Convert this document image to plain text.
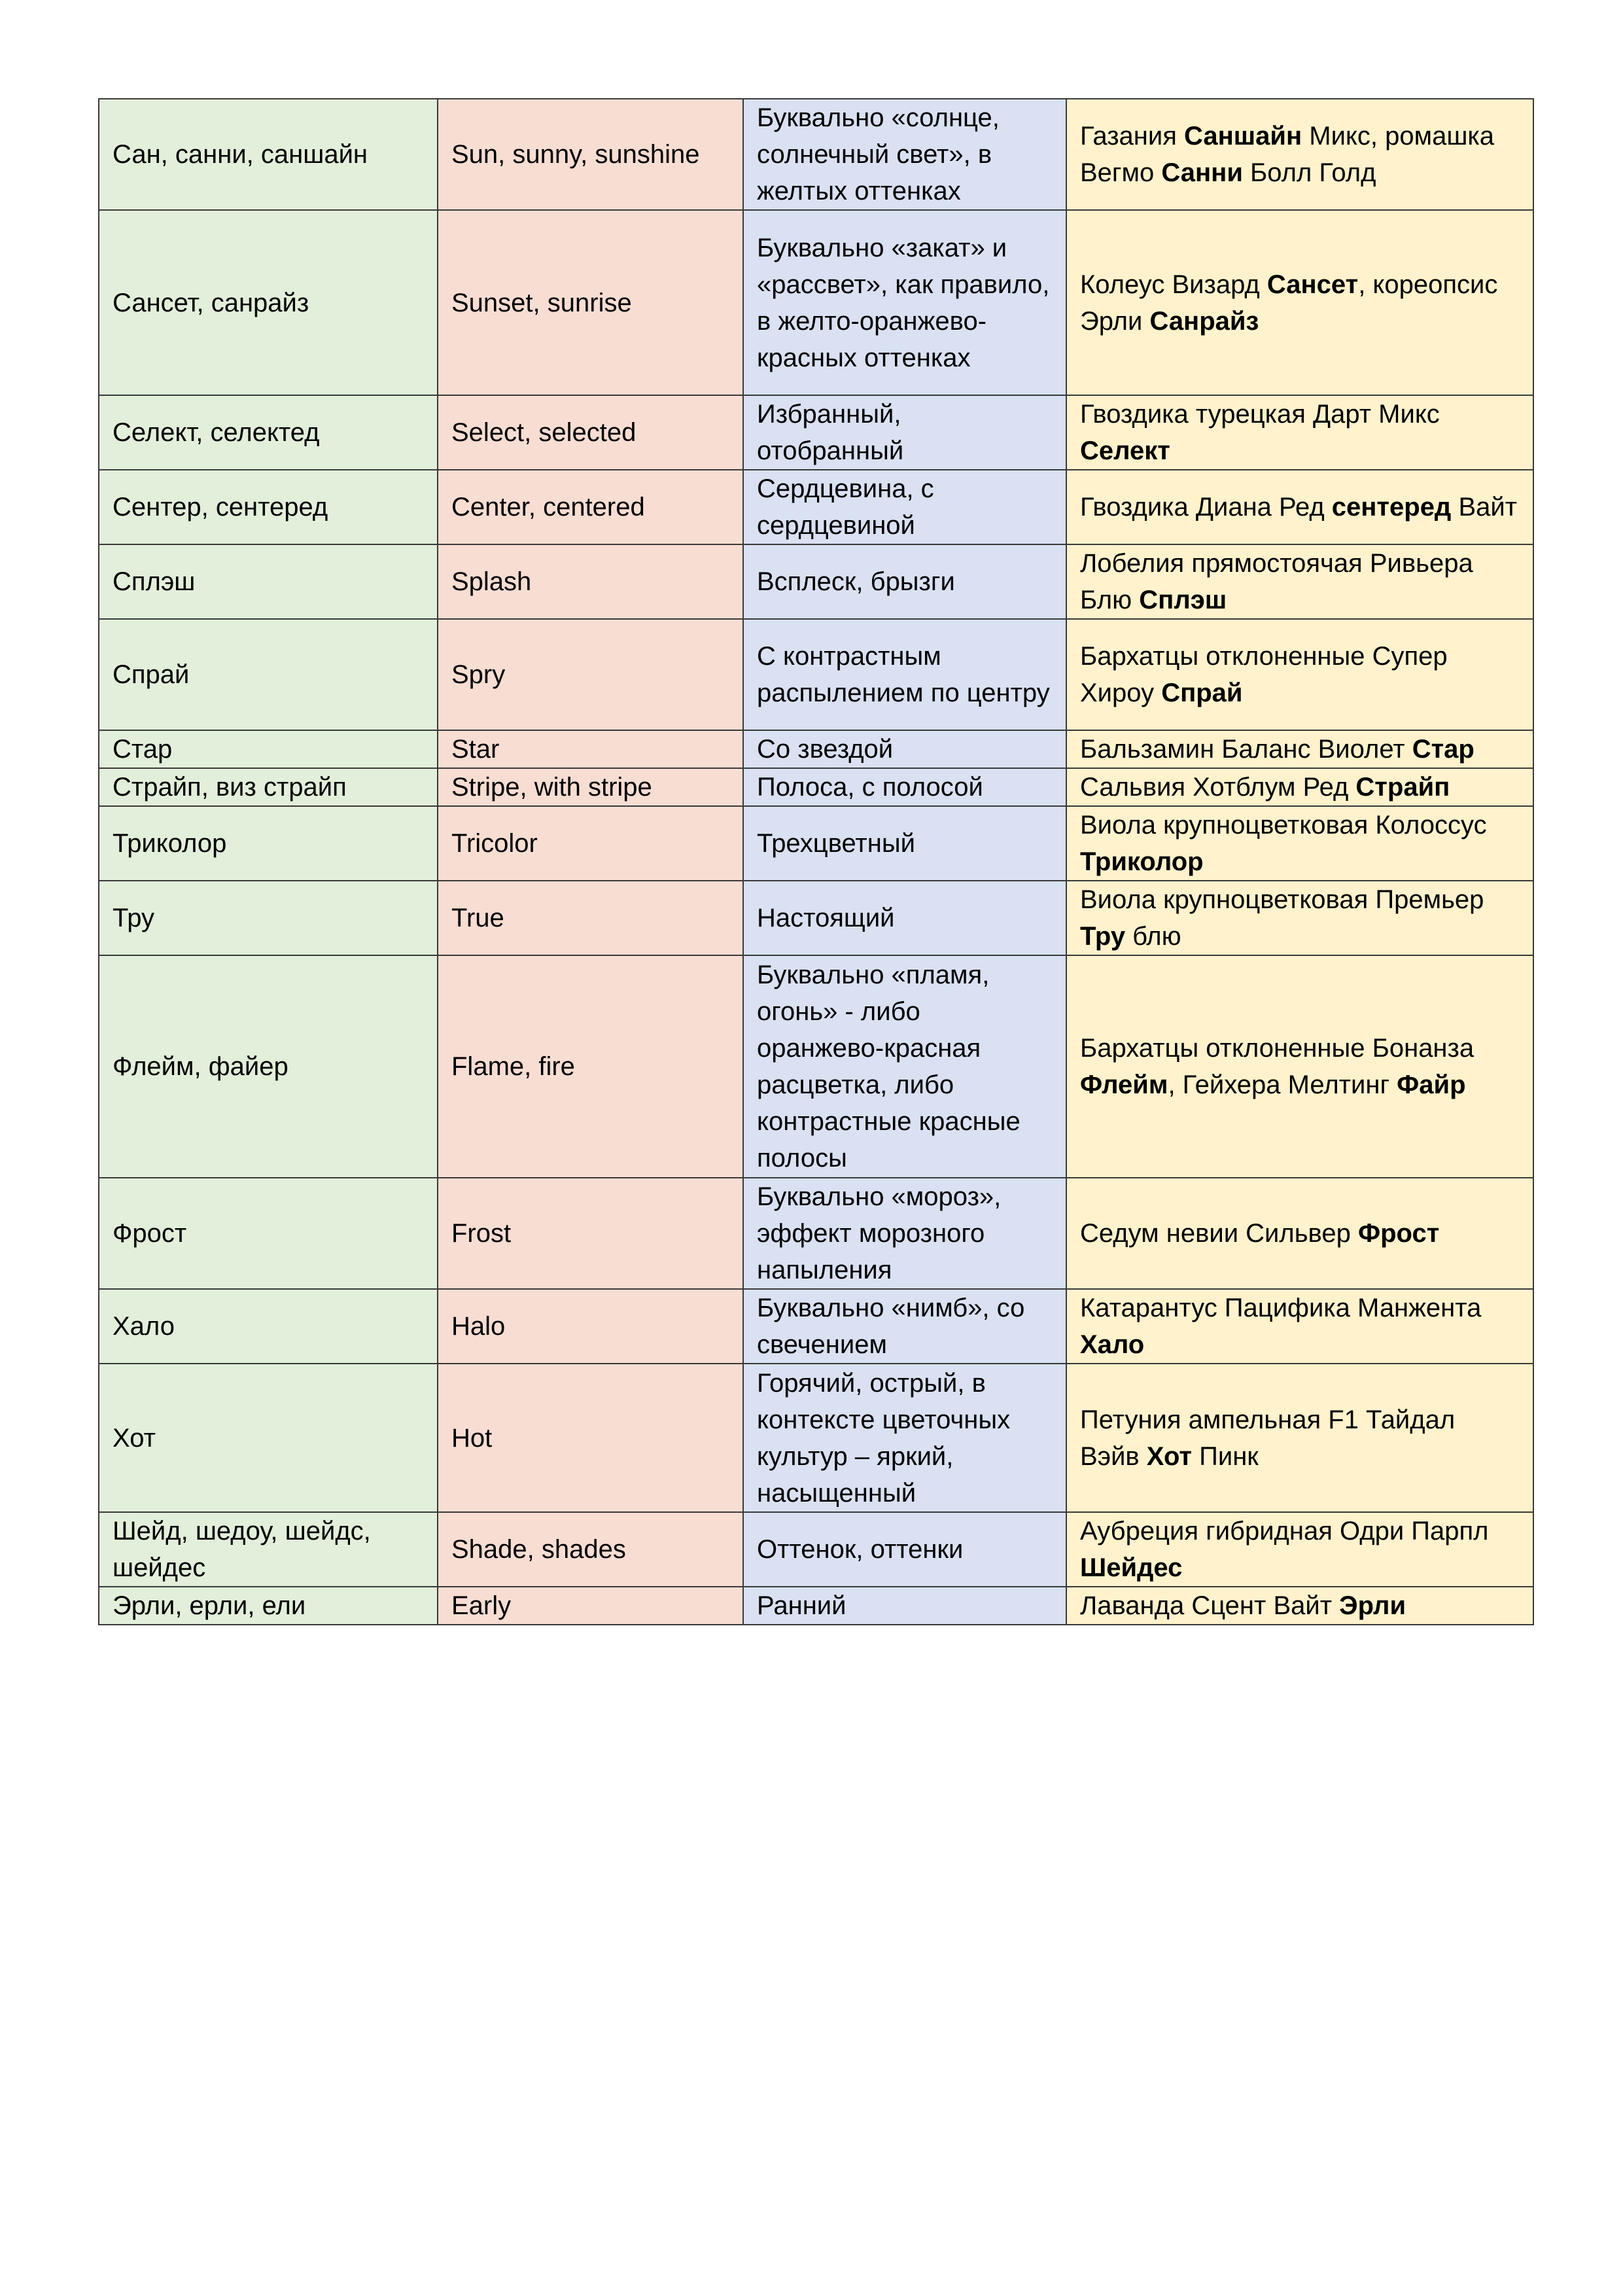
Сан, санни, саншайн	Sun, sunny, sunshine	Буквально «солнце, солнечный свет», в желтых оттенках	Газания Саншайн Микс, ромашка Вегмо Санни Болл Голд
Сансет, санрайз	Sunset, sunrise	Буквально «закат» и «рассвет», как правило, в желто-оранжево-красных оттенках	Колеус Визард Сансет, кореопсис Эрли Санрайз
Селект, селектед	Select, selected	Избранный, отобранный	Гвоздика турецкая Дарт Микс Селект
Сентер, сентеред	Center, centered	Сердцевина, с сердцевиной	Гвоздика Диана Ред сентеред Вайт
Сплэш	Splash	Всплеск, брызги	Лобелия прямостоячая Ривьера Блю Сплэш
Спрай	Spry	С контрастным распылением по центру	Бархатцы отклоненные Супер Хироу Спрай
Стар	Star	Со звездой	Бальзамин Баланс Виолет Стар
Страйп, виз страйп	Stripe, with stripe	Полоса, с полосой	Сальвия Хотблум Ред Страйп
Триколор	Tricolor	Трехцветный	Виола крупноцветковая Колоссус Триколор
Тру	True	Настоящий	Виола крупноцветковая Премьер Тру блю
Флейм, файер	Flame, fire	Буквально «пламя, огонь» - либо оранжево-красная расцветка, либо контрастные красные полосы	Бархатцы отклоненные Бонанза Флейм, Гейхера Мелтинг Файр
Фрост	Frost	Буквально «мороз», эффект морозного напыления	Седум невии Сильвер Фрост
Хало	Halo	Буквально «нимб», со свечением	Катарантус Пацифика Манжента Хало
Хот	Hot	Горячий, острый, в контексте цветочных культур – яркий, насыщенный	Петуния ампельная F1 Тайдал Вэйв Хот Пинк
Шейд, шедоу, шейдс, шейдес	Shade, shades	Оттенок, оттенки	Аубреция гибридная Одри Парпл Шейдес
Эрли, ерли, ели	Early	Ранний	Лаванда Сцент Вайт Эрли
